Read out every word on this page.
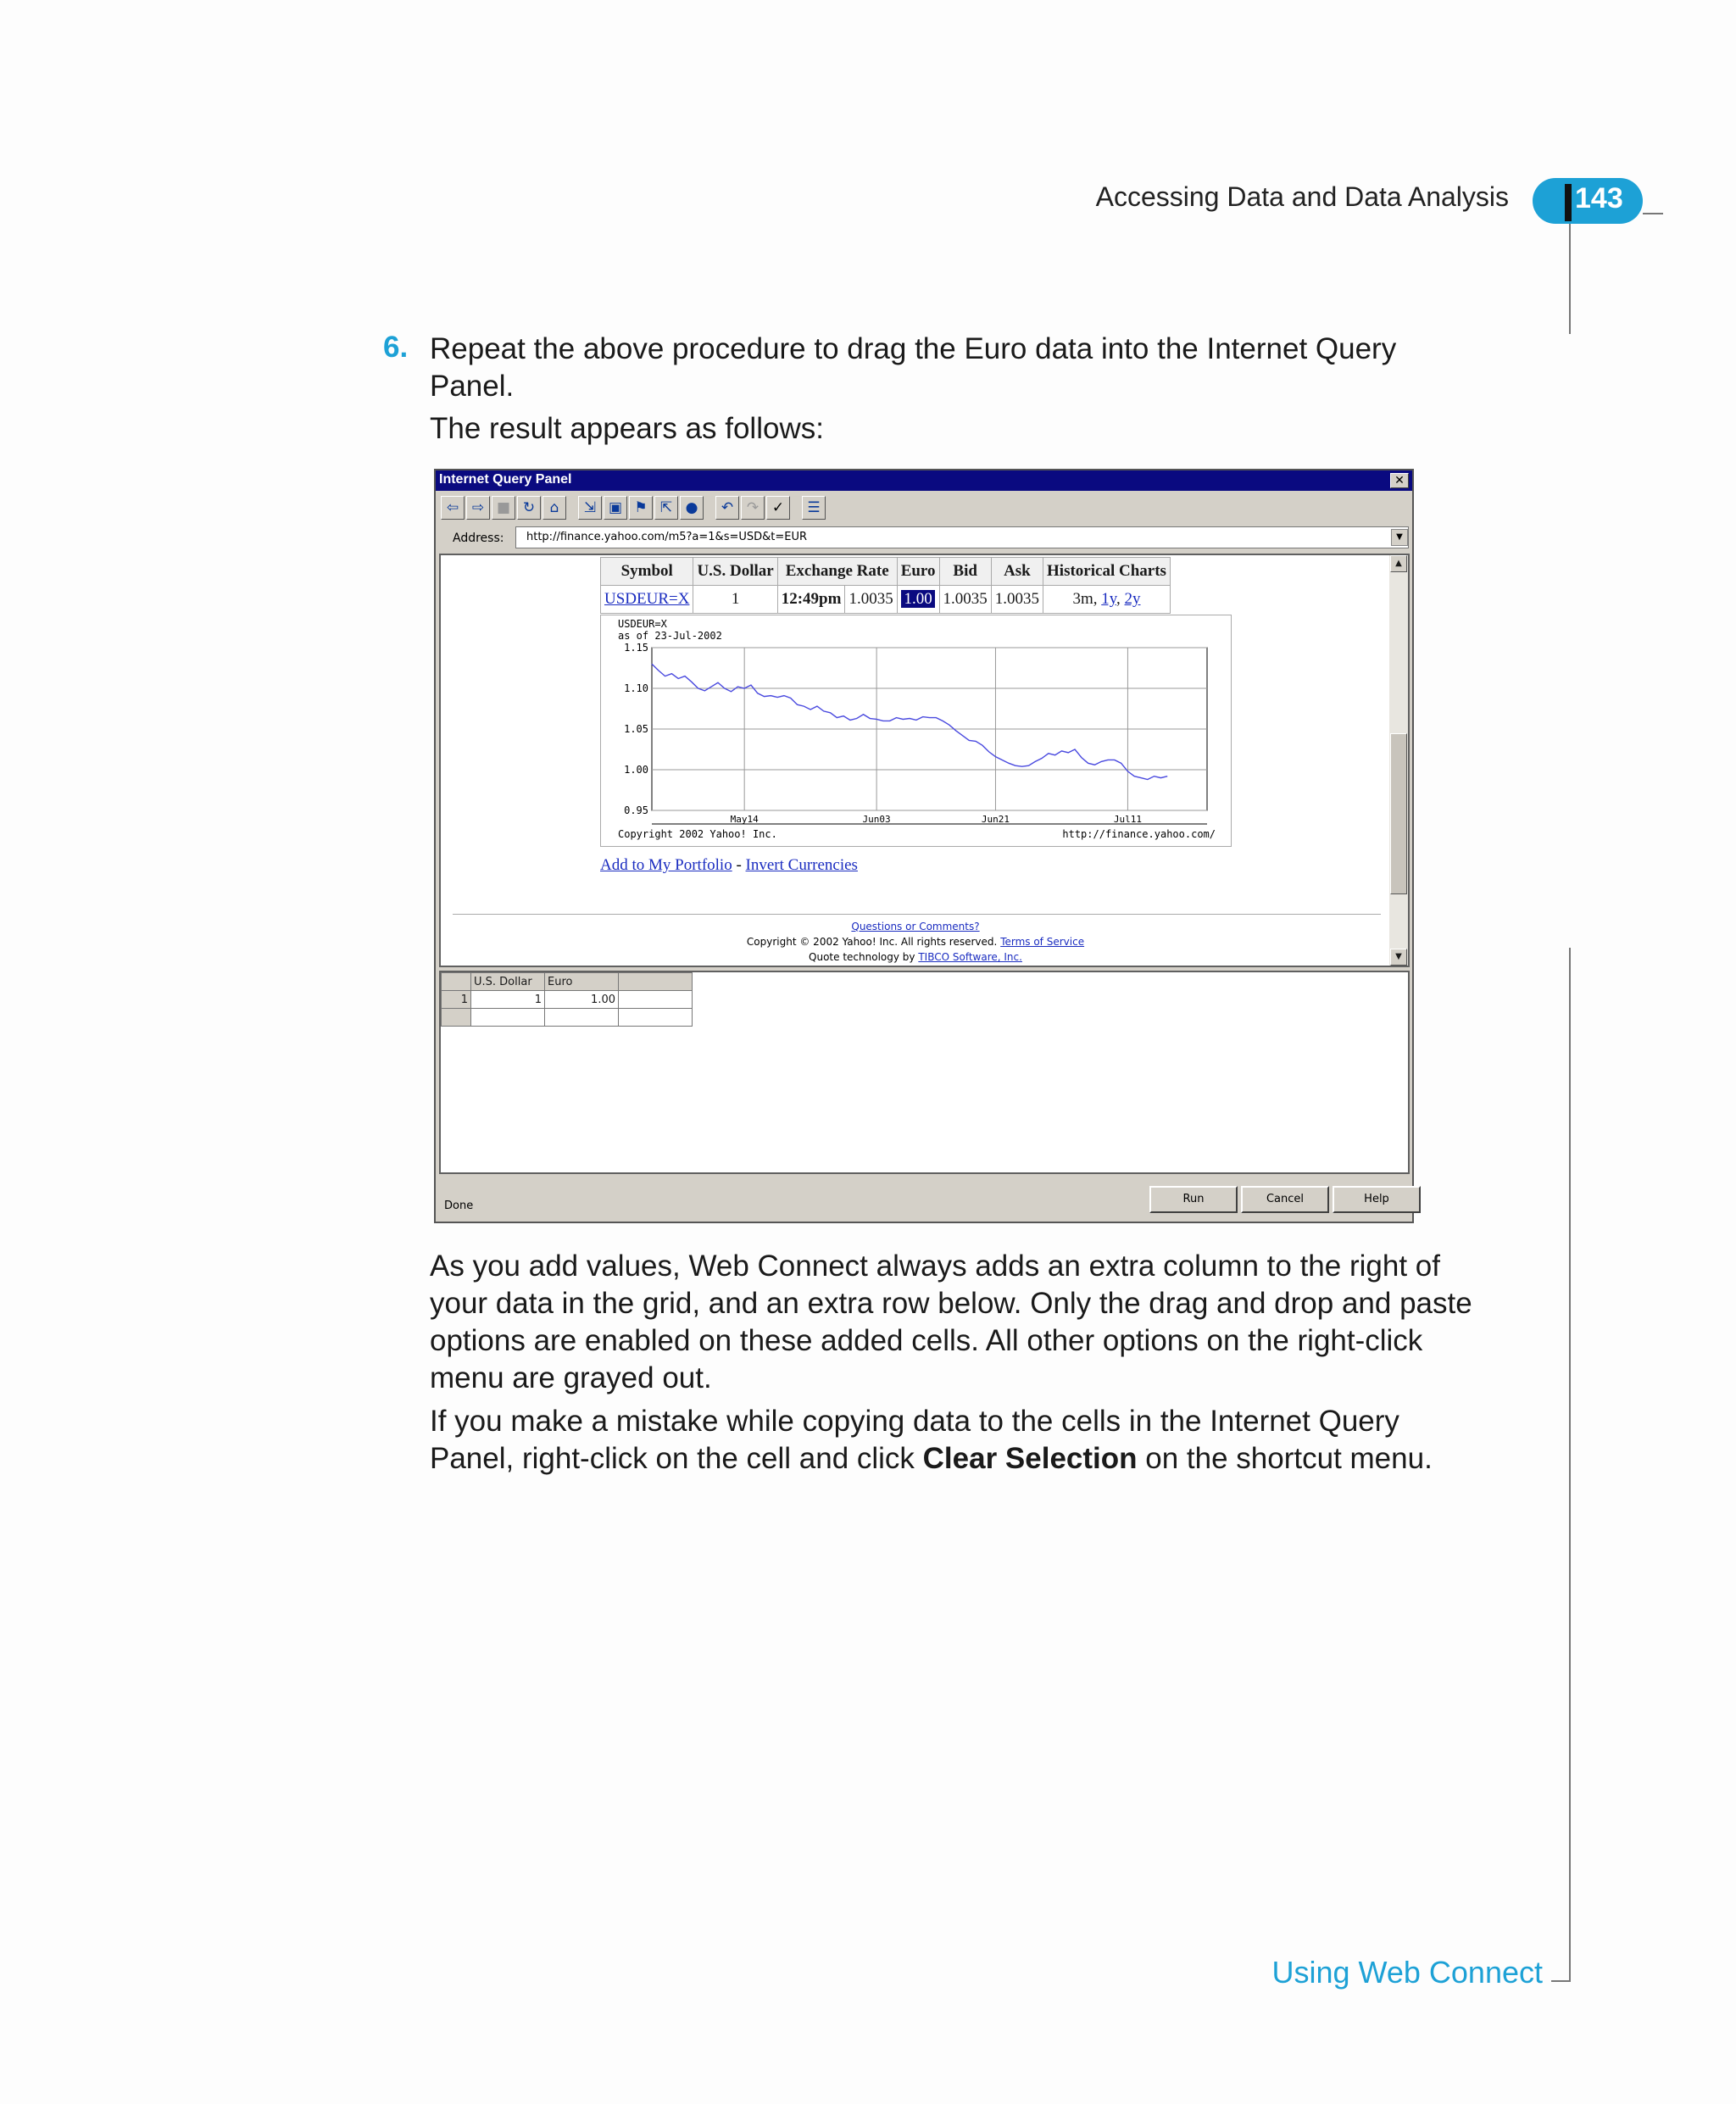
Accessing Data and Data Analysis 143
6. Repeat the above procedure to drag the Euro data into the Internet Query Panel.
The result appears as follows:
Internet Query Panel	✕
⇦ ⇨ ■ ↻	⌂	⇲ ▣ ⚑ ⇱ ●	↶ ↷ ✓	☰
Address:	http://finance.yahoo.com/m5?a=1&s=USD&t=EUR	▼
Symbol	U.S. Dollar	Exchange Rate		Euro	Bid	Ask	Historical Charts
USDEUR=X	1	12:49pm	1.0035	1.00	1.0035	1.0035	3m, 1y, 2y
USDEUR=X
as of 23-Jul-2002
1.15
1.10
1.05
1.00
0.95
May14	Jun03	Jun21	Jul11
Copyright 2002 Yahoo! Inc.	http://finance.yahoo.com/
Add to My Portfolio - Invert Currencies
Questions or Comments?
Copyright © 2002 Yahoo! Inc. All rights reserved. Terms of Service
Quote technology by TIBCO Software, Inc.
▲
▼
	U.S. Dollar	Euro	
1	1	1.00	

Done
Run	Cancel	Help
As you add values, Web Connect always adds an extra column to the right of your data in the grid, and an extra row below. Only the drag and drop and paste options are enabled on these added cells. All other options on the right-click menu are grayed out.
If you make a mistake while copying data to the cells in the Internet Query Panel, right-click on the cell and click Clear Selection on the shortcut menu.
Using Web Connect
